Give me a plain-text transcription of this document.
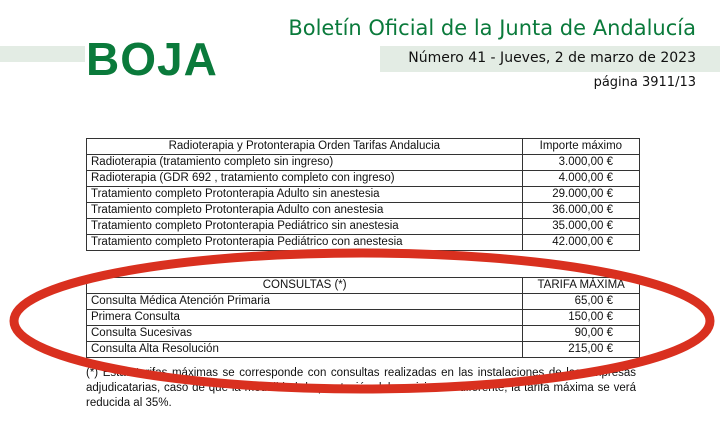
BOJA
Boletín Oficial de la Junta de Andalucía
Número 41 - Jueves, 2 de marzo de 2023
página 3911/13
Radioterapia y Protonterapia Orden Tarifas Andalucia	Importe máximo
Radioterapia (tratamiento completo sin ingreso)	3.000,00 €
Radioterapia (GDR 692 , tratamiento completo con ingreso)	4.000,00 €
Tratamiento completo Protonterapia Adulto sin anestesia	29.000,00 €
Tratamiento completo Protonterapia Adulto con anestesia	36.000,00 €
Tratamiento completo Protonterapia Pediátrico sin anestesia	35.000,00 €
Tratamiento completo Protonterapia Pediátrico con anestesia	42.000,00 €
CONSULTAS (*)	TARIFA MÁXIMA
Consulta Médica Atención Primaria	65,00 €
Primera Consulta	150,00 €
Consulta Sucesivas	90,00 €
Consulta Alta Resolución	215,00 €
(*) Estas tarifas máximas se corresponde con consultas realizadas en las instalaciones de las empresas adjudicatarias, caso de que la modalidad de prestación del servicio sea diferente, la tarifa máxima se verá reducida al 35%.
